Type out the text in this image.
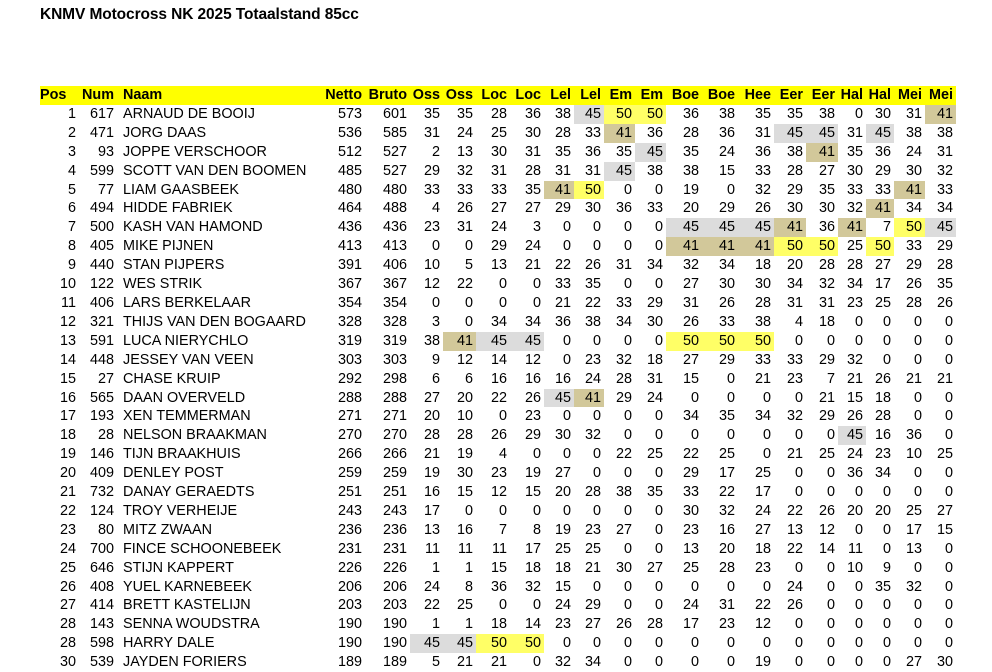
KNMV Motocross NK 2025 Totaalstand 85cc
Pos	Num	Naam	Netto	Bruto	Oss	Oss	Loc	Loc	Lel	Lel	Em	Em	Boe	Boe	Hee	Eer	Eer	Hal	Hal	Mei	Mei
1	617	ARNAUD DE BOOIJ	573	601	35	35	28	36	38	45	50	50	36	38	35	35	38	0	30	31	41
2	471	JORG DAAS	536	585	31	24	25	30	28	33	41	36	28	36	31	45	45	31	45	38	38
3	93	JOPPE VERSCHOOR	512	527	2	13	30	31	35	36	35	45	35	24	36	38	41	35	36	24	31
4	599	SCOTT VAN DEN BOOMEN	485	527	29	32	31	28	31	31	45	38	38	15	33	28	27	30	29	30	32
5	77	LIAM GAASBEEK	480	480	33	33	33	35	41	50	0	0	19	0	32	29	35	33	33	41	33
6	494	HIDDE FABRIEK	464	488	4	26	27	27	29	30	36	33	20	29	26	30	30	32	41	34	34
7	500	KASH VAN HAMOND	436	436	23	31	24	3	0	0	0	0	45	45	45	41	36	41	7	50	45
8	405	MIKE PIJNEN	413	413	0	0	29	24	0	0	0	0	41	41	41	50	50	25	50	33	29
9	440	STAN PIJPERS	391	406	10	5	13	21	22	26	31	34	32	34	18	20	28	28	27	29	28
10	122	WES STRIK	367	367	12	22	0	0	33	35	0	0	27	30	30	34	32	34	17	26	35
11	406	LARS BERKELAAR	354	354	0	0	0	0	21	22	33	29	31	26	28	31	31	23	25	28	26
12	321	THIJS VAN DEN BOGAARD	328	328	3	0	34	34	36	38	34	30	26	33	38	4	18	0	0	0	0
13	591	LUCA NIERYCHLO	319	319	38	41	45	45	0	0	0	0	50	50	50	0	0	0	0	0	0
14	448	JESSEY VAN VEEN	303	303	9	12	14	12	0	23	32	18	27	29	33	33	29	32	0	0	0
15	27	CHASE KRUIP	292	298	6	6	16	16	16	24	28	31	15	0	21	23	7	21	26	21	21
16	565	DAAN OVERVELD	288	288	27	20	22	26	45	41	29	24	0	0	0	0	21	15	18	0	0
17	193	XEN TEMMERMAN	271	271	20	10	0	23	0	0	0	0	34	35	34	32	29	26	28	0	0
18	28	NELSON BRAAKMAN	270	270	28	28	26	29	30	32	0	0	0	0	0	0	0	45	16	36	0
19	146	TIJN BRAAKHUIS	266	266	21	19	4	0	0	0	22	25	22	25	0	21	25	24	23	10	25
20	409	DENLEY POST	259	259	19	30	23	19	27	0	0	0	29	17	25	0	0	36	34	0	0
21	732	DANAY GERAEDTS	251	251	16	15	12	15	20	28	38	35	33	22	17	0	0	0	0	0	0
22	124	TROY VERHEIJE	243	243	17	0	0	0	0	0	0	0	30	32	24	22	26	20	20	25	27
23	80	MITZ ZWAAN	236	236	13	16	7	8	19	23	27	0	23	16	27	13	12	0	0	17	15
24	700	FINCE SCHOONEBEEK	231	231	11	11	11	17	25	25	0	0	13	20	18	22	14	11	0	13	0
25	646	STIJN KAPPERT	226	226	1	1	15	18	18	21	30	27	25	28	23	0	0	10	9	0	0
26	408	YUEL KARNEBEEK	206	206	24	8	36	32	15	0	0	0	0	0	0	24	0	0	35	32	0
27	414	BRETT KASTELIJN	203	203	22	25	0	0	24	29	0	0	24	31	22	26	0	0	0	0	0
28	143	SENNA WOUDSTRA	190	190	1	1	18	14	23	27	26	28	17	23	12	0	0	0	0	0	0
28	598	HARRY DALE	190	190	45	45	50	50	0	0	0	0	0	0	0	0	0	0	0	0	0
30	539	JAYDEN FORIERS	189	189	5	21	21	0	32	34	0	0	0	0	19	0	0	0	0	27	30
